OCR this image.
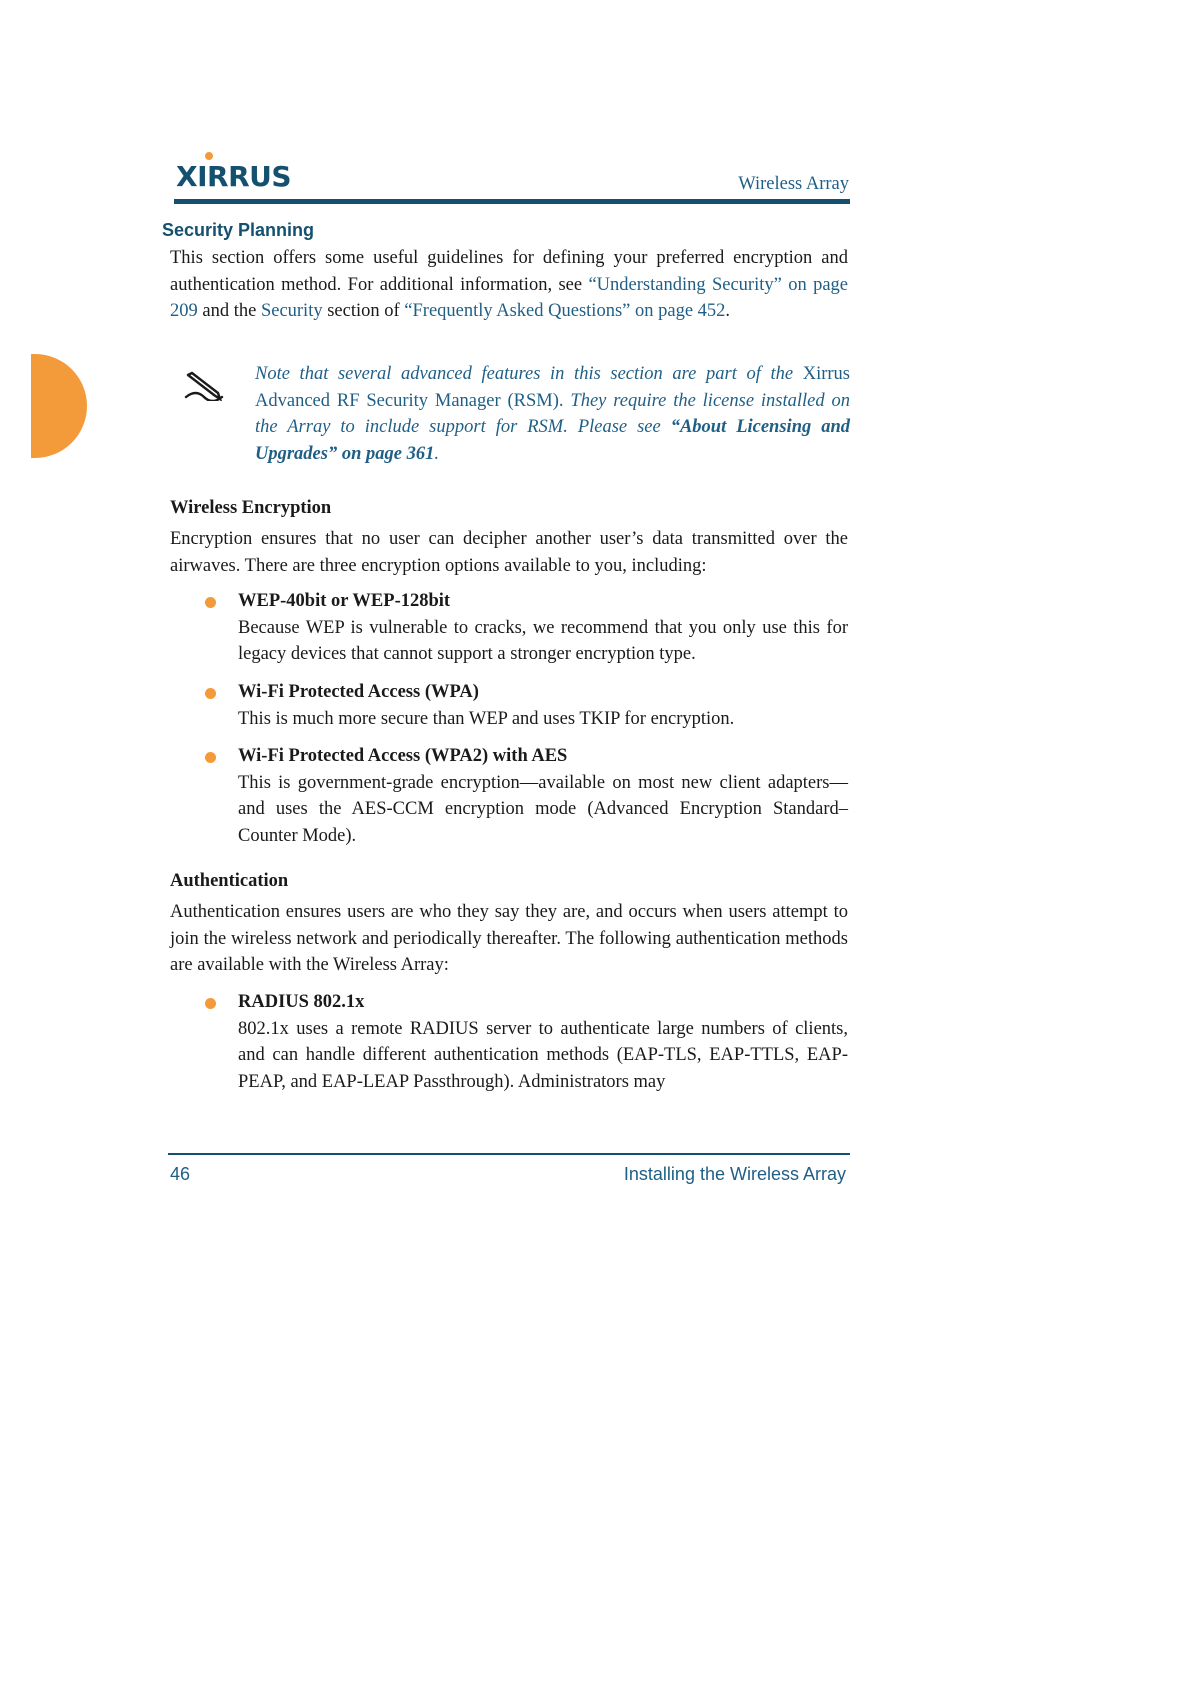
XIRRUS	Wireless Array
Security Planning
This section offers some useful guidelines for defining your preferred encryption and authentication method. For additional information, see “Understanding Security” on page 209 and the Security section of “Frequently Asked Questions” on page 452.
Note that several advanced features in this section are part of the Xirrus Advanced RF Security Manager (RSM). They require the license installed on the Array to include support for RSM. Please see “About Licensing and Upgrades” on page 361.
Wireless Encryption
Encryption ensures that no user can decipher another user’s data transmitted over the airwaves. There are three encryption options available to you, including:
WEP-40bit or WEP-128bit
Because WEP is vulnerable to cracks, we recommend that you only use this for legacy devices that cannot support a stronger encryption type.
Wi-Fi Protected Access (WPA)
This is much more secure than WEP and uses TKIP for encryption.
Wi-Fi Protected Access (WPA2) with AES
This is government-grade encryption—available on most new client adapters—and uses the AES-CCM encryption mode (Advanced Encryption Standard–Counter Mode).
Authentication
Authentication ensures users are who they say they are, and occurs when users attempt to join the wireless network and periodically thereafter. The following authentication methods are available with the Wireless Array:
RADIUS 802.1x
802.1x uses a remote RADIUS server to authenticate large numbers of clients, and can handle different authentication methods (EAP-TLS, EAP-TTLS, EAP-PEAP, and EAP-LEAP Passthrough). Administrators may
46	Installing the Wireless Array
